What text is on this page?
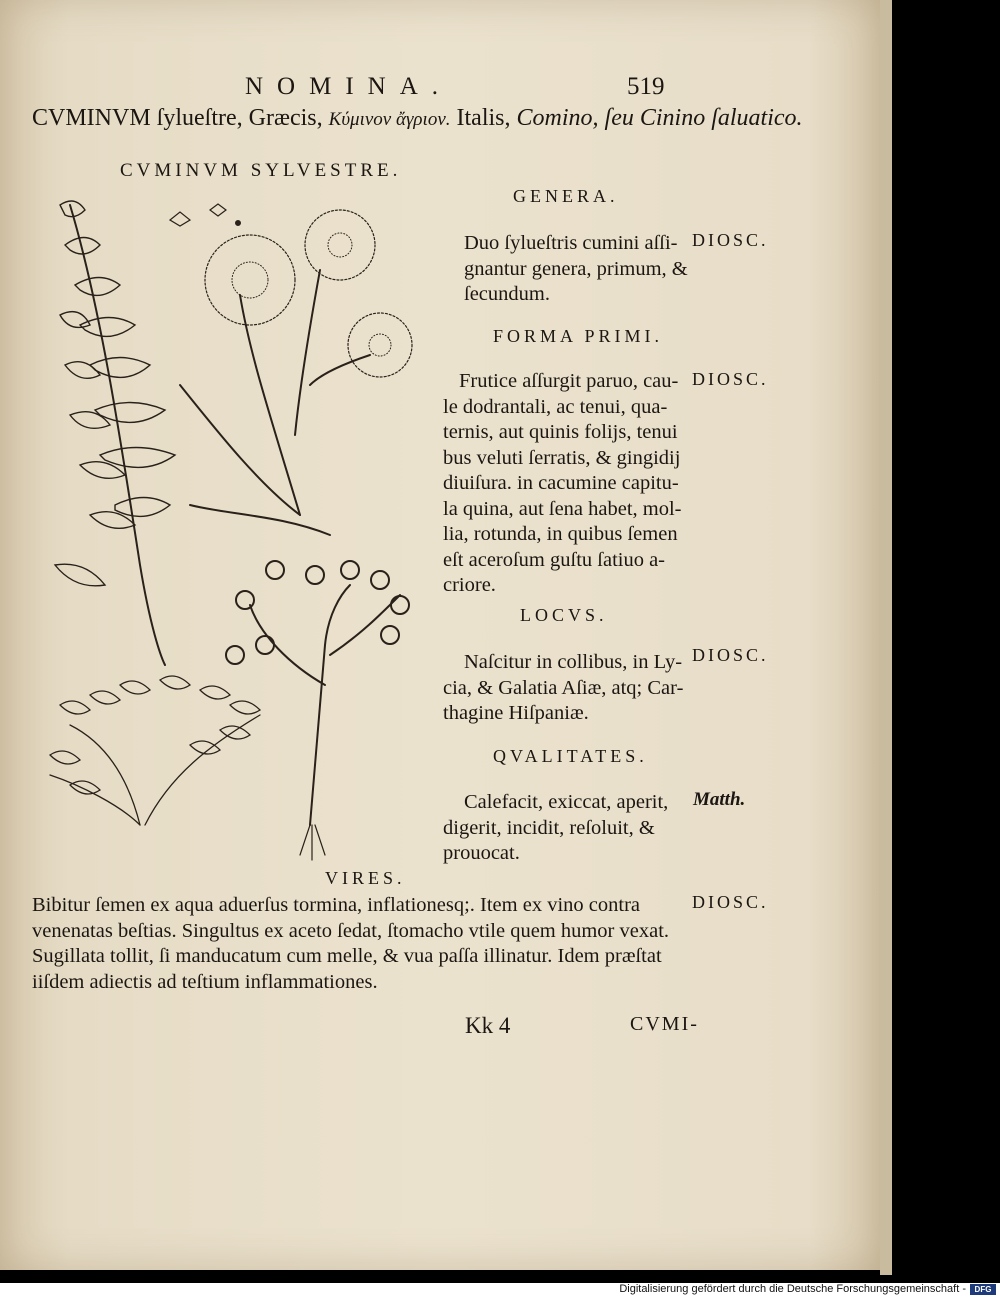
NOMINA.	519
CVMINVM ſylueſtre, Græcis, Κύμινον ἄγριον. Italis, Comino, ſeu Cinino ſaluatico.
CVMINVM SYLVESTRE.
GENERA.
Duo ſylueſtris cumini aſſi-
gnantur genera, primum, &
ſecundum.
DIOSC.
FORMA PRIMI.
Frutice aſſurgit paruo, cau-
le dodrantali, ac tenui, qua-
ternis, aut quinis folijs, tenui
bus veluti ſerratis, & gingidij
diuiſura. in cacumine capitu-
la quina, aut ſena habet, mol-
lia, rotunda, in quibus ſemen
eſt aceroſum guſtu ſatiuo a-
criore.
DIOSC.
LOCVS.
Naſcitur in collibus, in Ly-
cia, & Galatia Aſiæ, atq; Car-
thagine Hiſpaniæ.
DIOSC.
QVALITATES.
Calefacit, exiccat, aperit,
digerit, incidit, reſoluit, &
prouocat.
Matth.
VIRES.
Bibitur ſemen ex aqua aduerſus tormina, inflationesq;. Item ex vino contra
venenatas beſtias. Singultus ex aceto ſedat, ſtomacho vtile quem humor vexat.
Sugillata tollit, ſi manducatum cum melle, & vua paſſa illinatur. Idem præſtat
iiſdem adiectis ad teſtium inflammationes.
DIOSC.
Kk 4	CVMI-
Digitalisierung gefördert durch die Deutsche Forschungsgemeinschaft -	DFG
